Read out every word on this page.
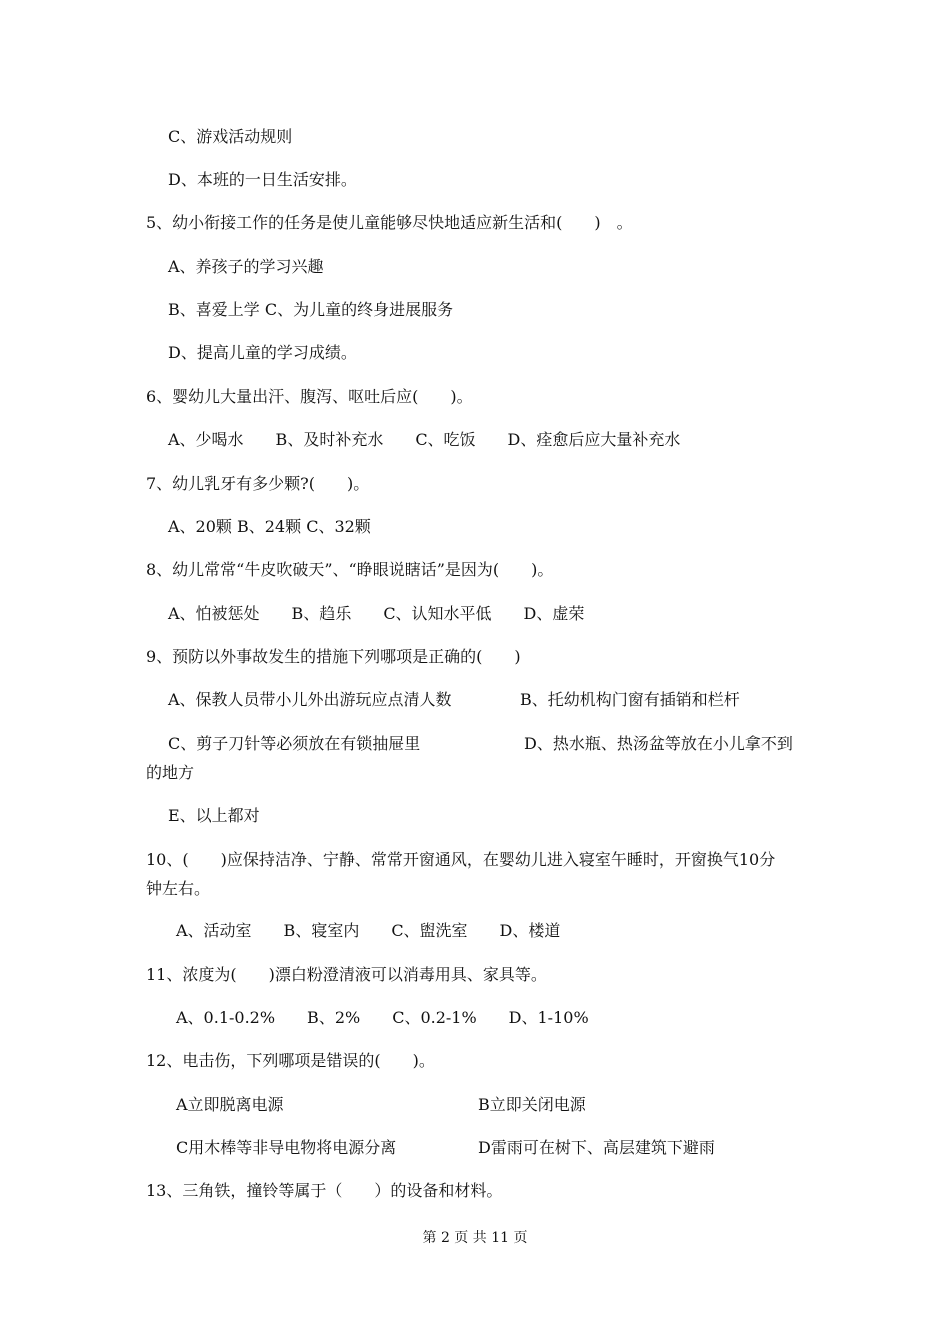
C、游戏活动规则
D、本班的一日生活安排。
5、幼小衔接工作的任务是使儿童能够尽快地适应新生活和(　　)　。
A、养孩子的学习兴趣
B、喜爱上学 C、为儿童的终身进展服务
D、提高儿童的学习成绩。
6、婴幼儿大量出汗、腹泻、呕吐后应(　　)。
A、少喝水　　B、及时补充水　　C、吃饭　　D、痊愈后应大量补充水
7、幼儿乳牙有多少颗?(　　)。
A、20颗 B、24颗 C、32颗
8、幼儿常常“牛皮吹破天”、“睁眼说瞎话”是因为(　　)。
A、怕被惩处　　B、趋乐　　C、认知水平低　　D、虚荣
9、预防以外事故发生的措施下列哪项是正确的(　　)
A、保教人员带小儿外出游玩应点清人数	B、托幼机构门窗有插销和栏杆
C、剪子刀针等必须放在有锁抽屉里	D、热水瓶、热汤盆等放在小儿拿不到
的地方
E、以上都对
10、(　　)应保持洁净、宁静、常常开窗通风，在婴幼儿进入寝室午睡时，开窗换气10分
钟左右。
A、活动室　　B、寝室内　　C、盥洗室　　D、楼道
11、浓度为(　　)漂白粉澄清液可以消毒用具、家具等。
A、0.1-0.2%　　B、2%　　C、0.2-1%　　D、1-10%
12、电击伤，下列哪项是错误的(　　)。
A立即脱离电源	B立即关闭电源
C用木棒等非导电物将电源分离	D雷雨可在树下、高层建筑下避雨
13、三角铁，撞铃等属于（　　）的设备和材料。
第 2 页 共 11 页
